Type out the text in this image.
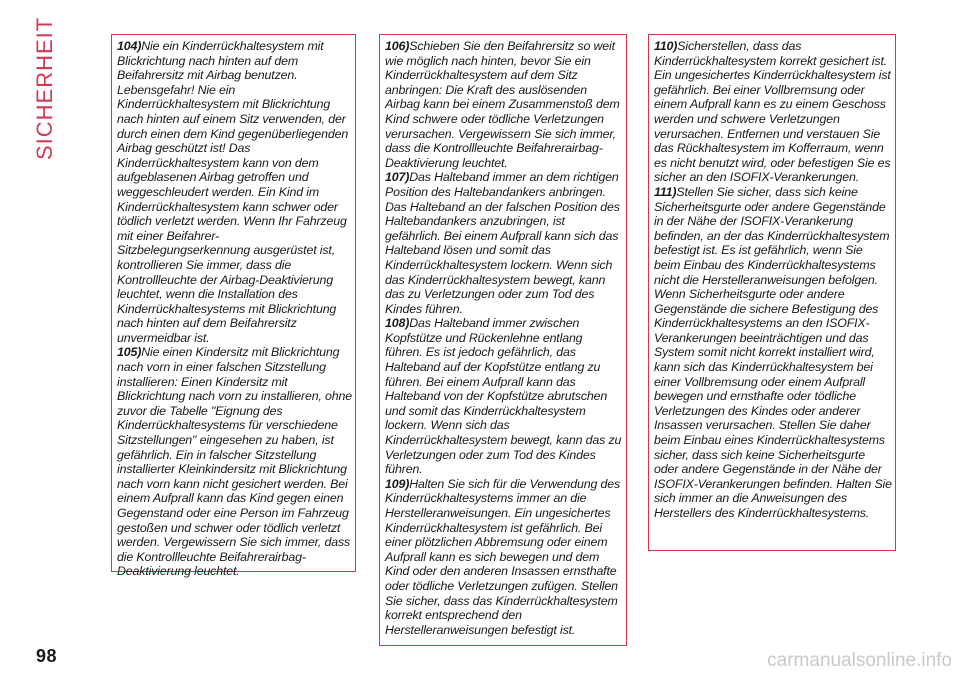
SICHERHEIT	104)Nie ein Kinderrückhaltesystem mit Blickrichtung nach hinten auf dem Beifahrersitz mit Airbag benutzen. Lebensgefahr! Nie ein Kinderrückhaltesystem mit Blickrichtung nach hinten auf einem Sitz verwenden, der durch einen dem Kind gegenüberliegenden Airbag geschützt ist! Das Kinderrückhaltesystem kann von dem aufgeblasenen Airbag getroffen und weggeschleudert werden. Ein Kind im Kinderrückhaltesystem kann schwer oder tödlich verletzt werden. Wenn Ihr Fahrzeug mit einer Beifahrer-Sitzbelegungserkennung ausgerüstet ist, kontrollieren Sie immer, dass die Kontrollleuchte der Airbag-Deaktivierung leuchtet, wenn die Installation des Kinderrückhaltesystems mit Blickrichtung nach hinten auf dem Beifahrersitz unvermeidbar ist.

105)Nie einen Kindersitz mit Blickrichtung nach vorn in einer falschen Sitzstellung installieren: Einen Kindersitz mit Blickrichtung nach vorn zu installieren, ohne zuvor die Tabelle "Eignung des Kinderrückhaltesystems für verschiedene Sitzstellungen" eingesehen zu haben, ist gefährlich. Ein in falscher Sitzstellung installierter Kleinkindersitz mit Blickrichtung nach vorn kann nicht gesichert werden. Bei einem Aufprall kann das Kind gegen einen Gegenstand oder eine Person im Fahrzeug gestoßen und schwer oder tödlich verletzt werden. Vergewissern Sie sich immer, dass die Kontrollleuchte Beifahrerairbag-Deaktivierung leuchtet.

106)Schieben Sie den Beifahrersitz so weit wie möglich nach hinten, bevor Sie ein Kinderrückhaltesystem auf dem Sitz anbringen: Die Kraft des auslösenden Airbag kann bei einem Zusammenstoß dem Kind schwere oder tödliche Verletzungen verursachen. Vergewissern Sie sich immer, dass die Kontrollleuchte Beifahrerairbag-Deaktivierung leuchtet.

107)Das Halteband immer an dem richtigen Position des Haltebandankers anbringen. Das Halteband an der falschen Position des Haltebandankers anzubringen, ist gefährlich. Bei einem Aufprall kann sich das Halteband lösen und somit das Kinderrückhaltesystem lockern. Wenn sich das Kinderrückhaltesystem bewegt, kann das zu Verletzungen oder zum Tod des Kindes führen.

108)Das Halteband immer zwischen Kopfstütze und Rückenlehne entlang führen. Es ist jedoch gefährlich, das Halteband auf der Kopfstütze entlang zu führen. Bei einem Aufprall kann das Halteband von der Kopfstütze abrutschen und somit das Kinderrückhaltesystem lockern. Wenn sich das Kinderrückhaltesystem bewegt, kann das zu Verletzungen oder zum Tod des Kindes führen.

109)Halten Sie sich für die Verwendung des Kinderrückhaltesystems immer an die Herstelleranweisungen. Ein ungesichertes Kinderrückhaltesystem ist gefährlich. Bei einer plötzlichen Abbremsung oder einem Aufprall kann es sich bewegen und dem Kind oder den anderen Insassen ernsthafte oder tödliche Verletzungen zufügen. Stellen Sie sicher, dass das Kinderrückhaltesystem korrekt entsprechend den Herstelleranweisungen befestigt ist.

110)Sicherstellen, dass das Kinderrückhaltesystem korrekt gesichert ist. Ein ungesichertes Kinderrückhaltesystem ist gefährlich. Bei einer Vollbremsung oder einem Aufprall kann es zu einem Geschoss werden und schwere Verletzungen verursachen. Entfernen und verstauen Sie das Rückhaltesystem im Kofferraum, wenn es nicht benutzt wird, oder befestigen Sie es sicher an den ISOFIX-Verankerungen.

111)Stellen Sie sicher, dass sich keine Sicherheitsgurte oder andere Gegenstände in der Nähe der ISOFIX-Verankerung befinden, an der das Kinderrückhaltesystem befestigt ist. Es ist gefährlich, wenn Sie beim Einbau des Kinderrückhaltesystems nicht die Herstelleranweisungen befolgen. Wenn Sicherheitsgurte oder andere Gegenstände die sichere Befestigung des Kinderrückhaltesystems an den ISOFIX-Verankerungen beeinträchtigen und das System somit nicht korrekt installiert wird, kann sich das Kinderrückhaltesystem bei einer Vollbremsung oder einem Aufprall bewegen und ernsthafte oder tödliche Verletzungen des Kindes oder anderer Insassen verursachen. Stellen Sie daher beim Einbau eines Kinderrückhaltesystems sicher, dass sich keine Sicherheitsgurte oder andere Gegenstände in der Nähe der ISOFIX-Verankerungen befinden. Halten Sie sich immer an die Anweisungen des Herstellers des Kinderrückhaltesystems.

98	carmanualsonline.info
